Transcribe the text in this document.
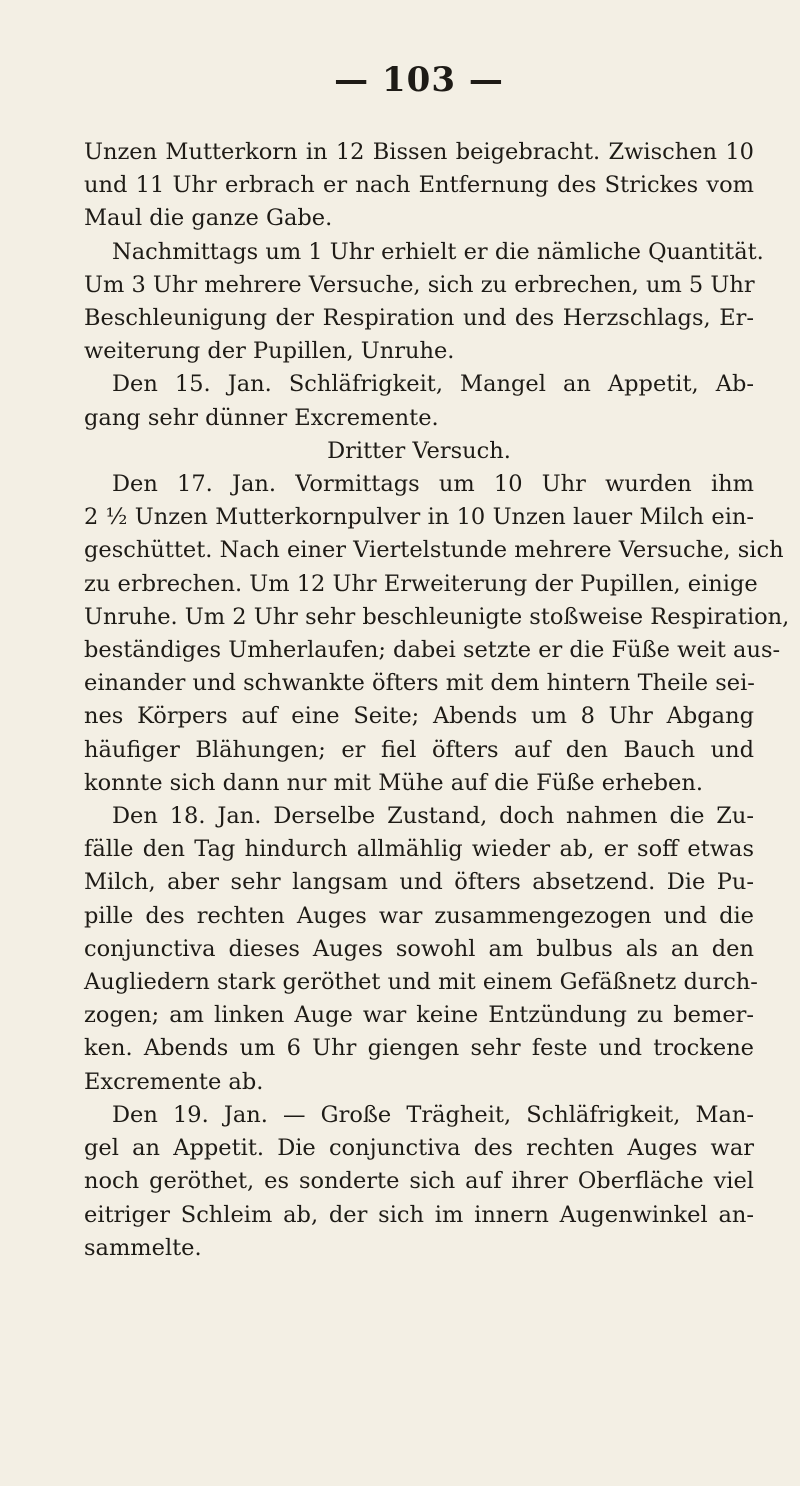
— 103 —
Unzen Mutterkorn in 12 Bissen beigebracht. Zwischen 10
und 11 Uhr erbrach er nach Entfernung des Strickes vom
Maul die ganze Gabe.
Nachmittags um 1 Uhr erhielt er die nämliche Quantität.
Um 3 Uhr mehrere Versuche, sich zu erbrechen, um 5 Uhr
Beschleunigung der Respiration und des Herzschlags, Er-
weiterung der Pupillen, Unruhe.
Den 15. Jan. Schläfrigkeit, Mangel an Appetit, Ab-
gang sehr dünner Excremente.
Dritter Versuch.
Den 17. Jan. Vormittags um 10 Uhr wurden ihm
2 ½ Unzen Mutterkornpulver in 10 Unzen lauer Milch ein-
geschüttet. Nach einer Viertelstunde mehrere Versuche, sich
zu erbrechen. Um 12 Uhr Erweiterung der Pupillen, einige
Unruhe. Um 2 Uhr sehr beschleunigte stoßweise Respiration,
beständiges Umherlaufen; dabei setzte er die Füße weit aus-
einander und schwankte öfters mit dem hintern Theile sei-
nes Körpers auf eine Seite; Abends um 8 Uhr Abgang
häufiger Blähungen; er fiel öfters auf den Bauch und
konnte sich dann nur mit Mühe auf die Füße erheben.
Den 18. Jan. Derselbe Zustand, doch nahmen die Zu-
fälle den Tag hindurch allmählig wieder ab, er soff etwas
Milch, aber sehr langsam und öfters absetzend. Die Pu-
pille des rechten Auges war zusammengezogen und die
conjunctiva dieses Auges sowohl am bulbus als an den
Augliedern stark geröthet und mit einem Gefäßnetz durch-
zogen; am linken Auge war keine Entzündung zu bemer-
ken. Abends um 6 Uhr giengen sehr feste und trockene
Excremente ab.
Den 19. Jan. — Große Trägheit, Schläfrigkeit, Man-
gel an Appetit. Die conjunctiva des rechten Auges war
noch geröthet, es sonderte sich auf ihrer Oberfläche viel
eitriger Schleim ab, der sich im innern Augenwinkel an-
sammelte.
